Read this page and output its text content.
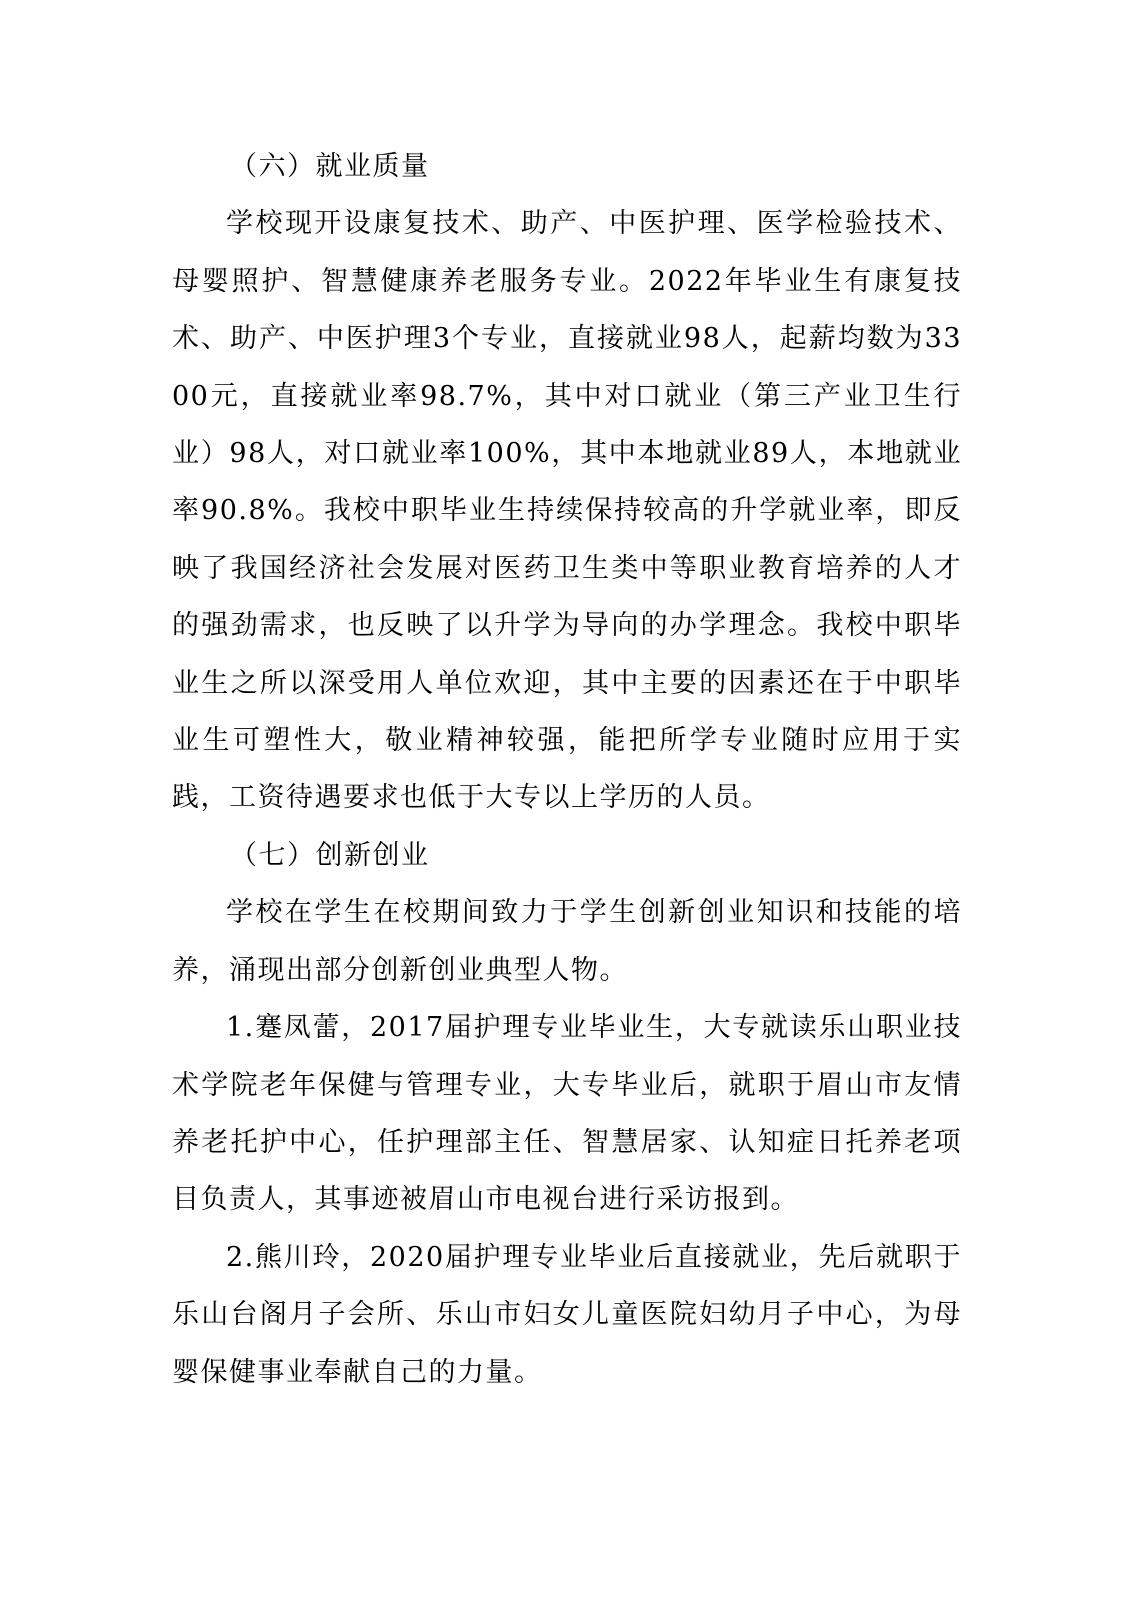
（六）就业质量

学校现开设康复技术、助产、中医护理、医学检验技术、母婴照护、智慧健康养老服务专业。2022年毕业生有康复技术、助产、中医护理3个专业，直接就业98人，起薪均数为3300元，直接就业率98.7%，其中对口就业（第三产业卫生行业）98人，对口就业率100%，其中本地就业89人，本地就业率90.8%。我校中职毕业生持续保持较高的升学就业率，即反映了我国经济社会发展对医药卫生类中等职业教育培养的人才的强劲需求，也反映了以升学为导向的办学理念。我校中职毕业生之所以深受用人单位欢迎，其中主要的因素还在于中职毕业生可塑性大，敬业精神较强，能把所学专业随时应用于实践，工资待遇要求也低于大专以上学历的人员。

（七）创新创业

学校在学生在校期间致力于学生创新创业知识和技能的培养，涌现出部分创新创业典型人物。

1.蹇凤蕾，2017届护理专业毕业生，大专就读乐山职业技术学院老年保健与管理专业，大专毕业后，就职于眉山市友情养老托护中心，任护理部主任、智慧居家、认知症日托养老项目负责人，其事迹被眉山市电视台进行采访报到。

2.熊川玲，2020届护理专业毕业后直接就业，先后就职于乐山台阁月子会所、乐山市妇女儿童医院妇幼月子中心，为母婴保健事业奉献自己的力量。
